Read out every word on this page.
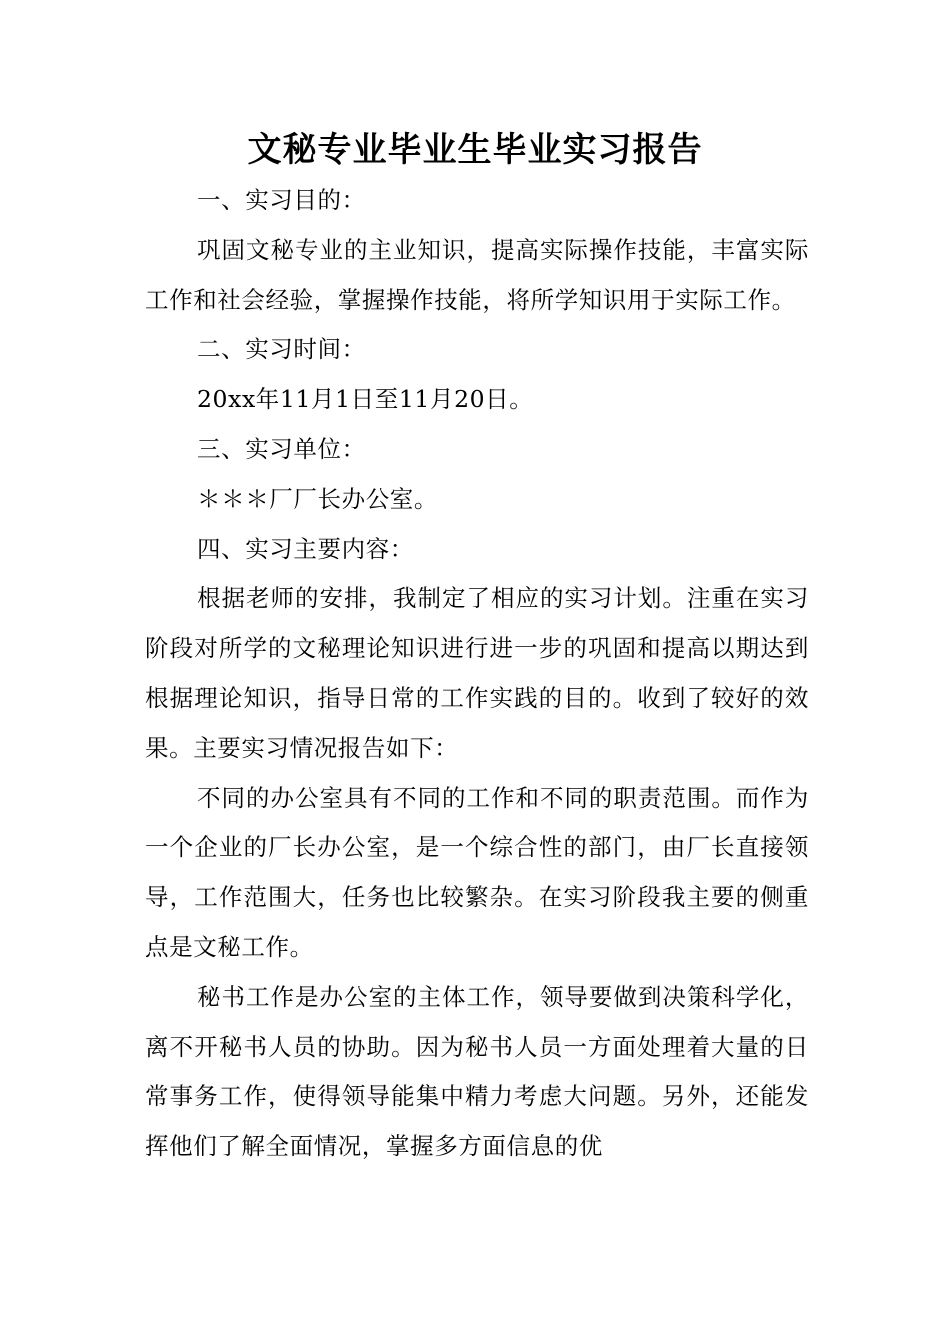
文秘专业毕业生毕业实习报告

一、实习目的：

巩固文秘专业的主业知识，提高实际操作技能，丰富实际工作和社会经验，掌握操作技能，将所学知识用于实际工作。

二、实习时间：

20xx年11月1日至11月20日。

三、实习单位：

＊＊＊厂厂长办公室。

四、实习主要内容：

根据老师的安排，我制定了相应的实习计划。注重在实习阶段对所学的文秘理论知识进行进一步的巩固和提高以期达到根据理论知识，指导日常的工作实践的目的。收到了较好的效果。主要实习情况报告如下：

不同的办公室具有不同的工作和不同的职责范围。而作为一个企业的厂长办公室，是一个综合性的部门，由厂长直接领导，工作范围大，任务也比较繁杂。在实习阶段我主要的侧重点是文秘工作。

秘书工作是办公室的主体工作，领导要做到决策科学化，离不开秘书人员的协助。因为秘书人员一方面处理着大量的日常事务工作，使得领导能集中精力考虑大问题。另外，还能发挥他们了解全面情况，掌握多方面信息的优
